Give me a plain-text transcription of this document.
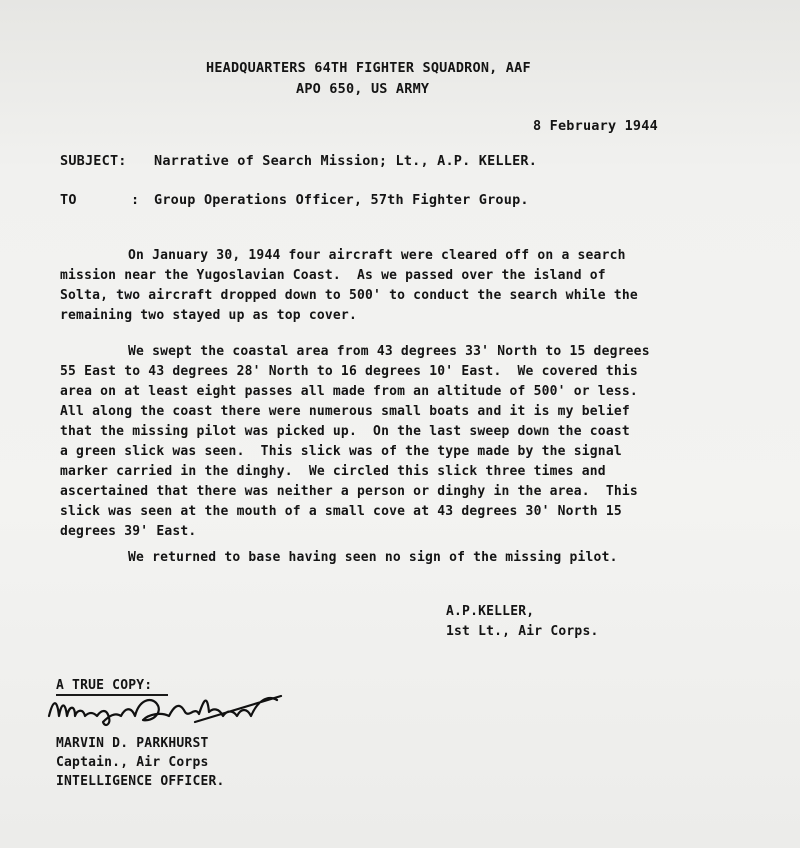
HEADQUARTERS 64TH FIGHTER SQUADRON, AAF
APO 650, US ARMY
8 February 1944
SUBJECT: Narrative of Search Mission; Lt., A.P. KELLER.
TO	: Group Operations Officer, 57th Fighter Group.
On January 30, 1944 four aircraft were cleared off on a search
mission near the Yugoslavian Coast.  As we passed over the island of
Solta, two aircraft dropped down to 500' to conduct the search while the
remaining two stayed up as top cover.
We swept the coastal area from 43 degrees 33' North to 15 degrees
55 East to 43 degrees 28' North to 16 degrees 10' East.  We covered this
area on at least eight passes all made from an altitude of 500' or less.
All along the coast there were numerous small boats and it is my belief
that the missing pilot was picked up.  On the last sweep down the coast
a green slick was seen.  This slick was of the type made by the signal
marker carried in the dinghy.  We circled this slick three times and
ascertained that there was neither a person or dinghy in the area.  This
slick was seen at the mouth of a small cove at 43 degrees 30' North 15
degrees 39' East.
We returned to base having seen no sign of the missing pilot.
A.P.KELLER,
1st Lt., Air Corps.
A TRUE COPY:
MARVIN D. PARKHURST
Captain., Air Corps
INTELLIGENCE OFFICER.
